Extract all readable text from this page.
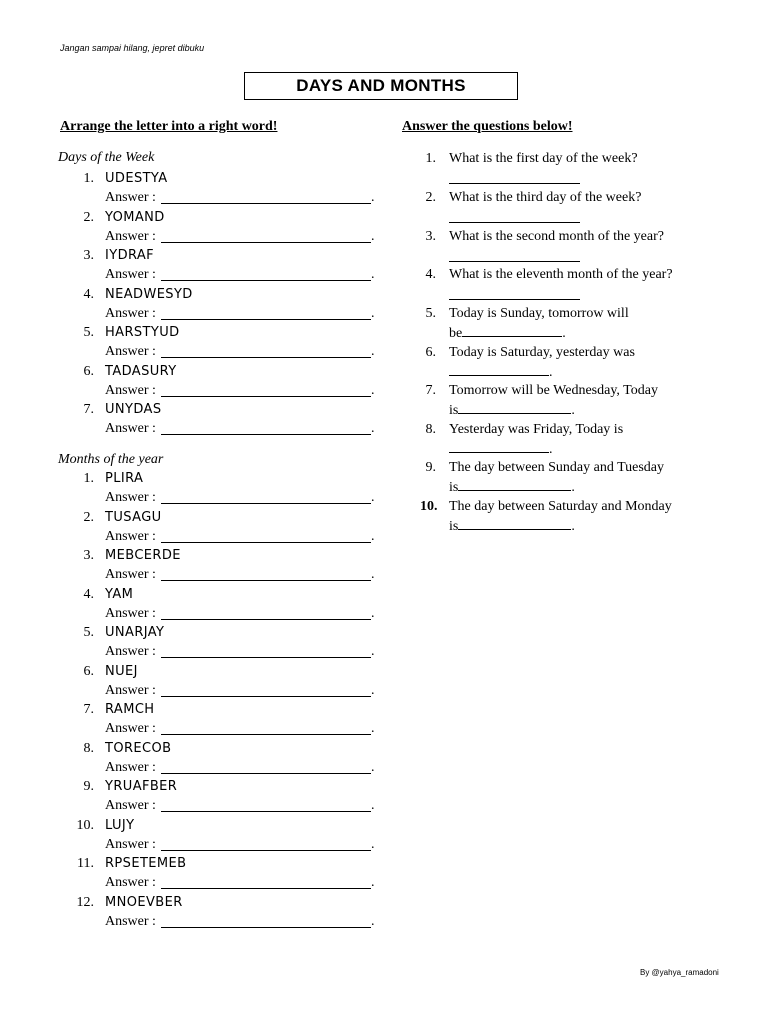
Jangan sampai hilang, jepret dibuku
DAYS AND MONTHS
Arrange the letter into a right word!
Days of the Week
1. UDESTYA
Answer :	.
2. YOMAND
Answer :	.
3. IYDRAF
Answer :	.
4. NEADWESYD
Answer :	.
5. HARSTYUD
Answer :	.
6. TADASURY
Answer :	.
7. UNYDAS
Answer :	.
Months of the year
1. PLIRA
Answer :	.
2. TUSAGU
Answer :	.
3. MEBCERDE
Answer :	.
4. YAM
Answer :	.
5. UNARJAY
Answer :	.
6. NUEJ
Answer :	.
7. RAMCH
Answer :	.
8. TORECOB
Answer :	.
9. YRUAFBER
Answer :	.
10. LUJY
Answer :	.
11. RPSETEMEB
Answer :	.
12. MNOEVBER
Answer :	.
Answer the questions below!
1. What is the first day of the week?
2. What is the third day of the week?
3. What is the second month of the year?
4. What is the eleventh month of the year?
5. Today is Sunday, tomorrow will
be	.
6. Today is Saturday, yesterday was
.
7. Tomorrow will be Wednesday, Today
is	.
8. Yesterday was Friday, Today is
.
9. The day between Sunday and Tuesday
is	.
10. The day between Saturday and Monday
is	.
By @yahya_ramadoni
